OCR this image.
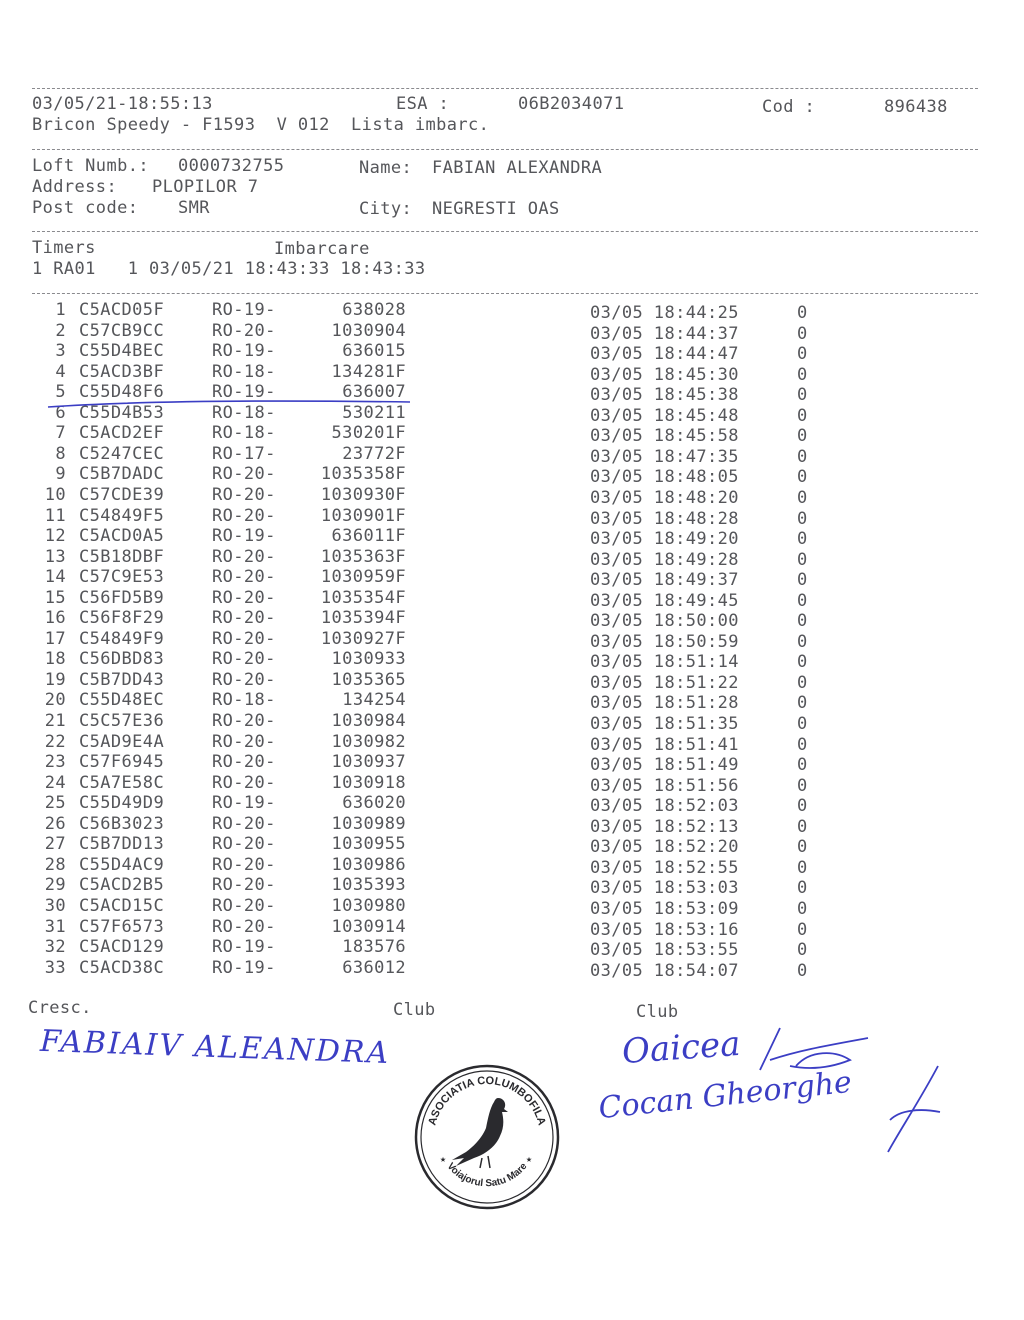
03/05/21-18:55:13	ESA :	06B2034071	Cod :	896438
Bricon Speedy - F1593  V 012  Lista imbarc.
Loft Numb.: 0000732755	Name: FABIAN ALEXANDRA
Address: PLOPILOR 7
Post code: SMR	City: NEGRESTI OAS
Timers	Imbarcare
1 RA01   1 03/05/21 18:43:33 18:43:33
1 C5ACD05F	RO-19-	638028	03/05 18:44:25	0
2 C57CB9CC	RO-20-	1030904	03/05 18:44:37	0
3 C55D4BEC	RO-19-	636015	03/05 18:44:47	0
4 C5ACD3BF	RO-18-	134281F	03/05 18:45:30	0
5 C55D48F6	RO-19-	636007	03/05 18:45:38	0
6 C55D4B53	RO-18-	530211	03/05 18:45:48	0
7 C5ACD2EF	RO-18-	530201F	03/05 18:45:58	0
8 C5247CEC	RO-17-	23772F	03/05 18:47:35	0
9 C5B7DADC	RO-20-	1035358F	03/05 18:48:05	0
10 C57CDE39	RO-20-	1030930F	03/05 18:48:20	0
11 C54849F5	RO-20-	1030901F	03/05 18:48:28	0
12 C5ACD0A5	RO-19-	636011F	03/05 18:49:20	0
13 C5B18DBF	RO-20-	1035363F	03/05 18:49:28	0
14 C57C9E53	RO-20-	1030959F	03/05 18:49:37	0
15 C56FD5B9	RO-20-	1035354F	03/05 18:49:45	0
16 C56F8F29	RO-20-	1035394F	03/05 18:50:00	0
17 C54849F9	RO-20-	1030927F	03/05 18:50:59	0
18 C56DBD83	RO-20-	1030933	03/05 18:51:14	0
19 C5B7DD43	RO-20-	1035365	03/05 18:51:22	0
20 C55D48EC	RO-18-	134254	03/05 18:51:28	0
21 C5C57E36	RO-20-	1030984	03/05 18:51:35	0
22 C5AD9E4A	RO-20-	1030982	03/05 18:51:41	0
23 C57F6945	RO-20-	1030937	03/05 18:51:49	0
24 C5A7E58C	RO-20-	1030918	03/05 18:51:56	0
25 C55D49D9	RO-19-	636020	03/05 18:52:03	0
26 C56B3023	RO-20-	1030989	03/05 18:52:13	0
27 C5B7DD13	RO-20-	1030955	03/05 18:52:20	0
28 C55D4AC9	RO-20-	1030986	03/05 18:52:55	0
29 C5ACD2B5	RO-20-	1035393	03/05 18:53:03	0
30 C5ACD15C	RO-20-	1030980	03/05 18:53:09	0
31 C57F6573	RO-20-	1030914	03/05 18:53:16	0
32 C5ACD129	RO-19-	183576	03/05 18:53:55	0
33 C5ACD38C	RO-19-	636012	03/05 18:54:07	0
Cresc.	Club	Club
FABIAIV ALEANDRA	Oaicea
Cocan Gheorghe
ASOCIATIA COLUMBOFILA
Voiajorul Satu Mare
★	★
